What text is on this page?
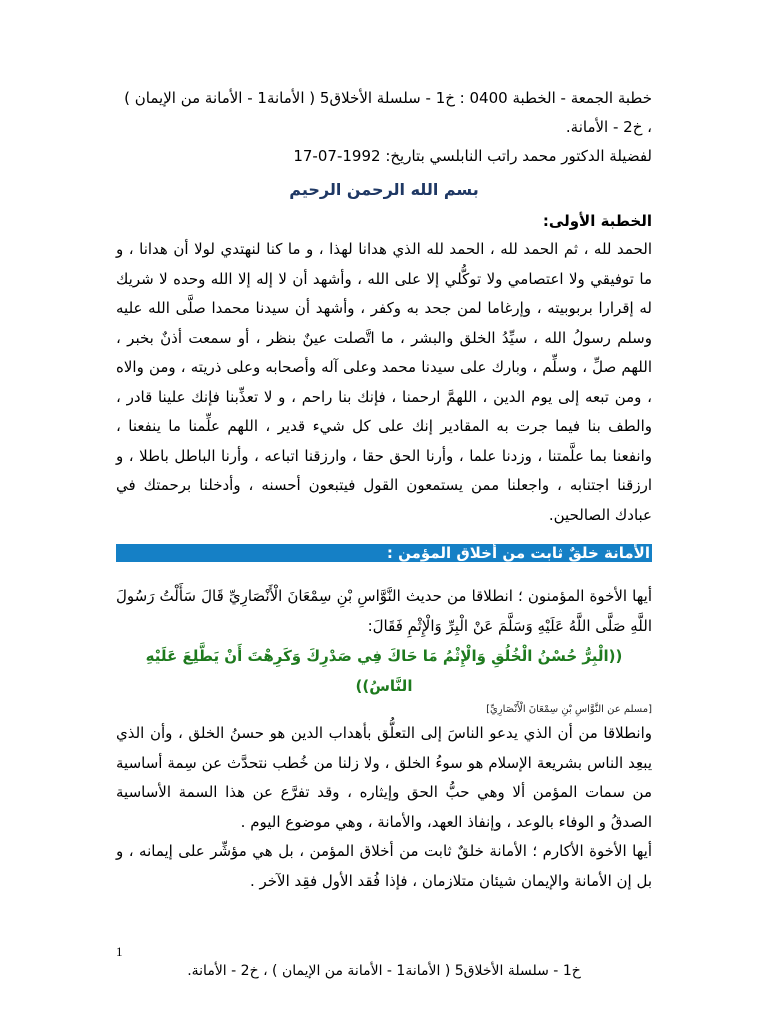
خطبة الجمعة - الخطبة 0400 : خ1 - سلسلة الأخلاق5 ( الأمانة1 - الأمانة من الإيمان ) ، خ2 - الأمانة.
لفضيلة الدكتور محمد راتب النابلسي بتاريخ: 1992-07-17
بسم الله الرحمن الرحيم
الخطبة الأولى:

الحمد لله ، ثم الحمد لله ، الحمد لله الذي هدانا لهذا ، و ما كنا لنهتدي لولا أن هدانا ، و ما توفيقي ولا اعتصامي ولا توكُّلي إلا على الله ، وأشهد أن لا إله إلا الله وحده لا شريك له إقرارا بربوبيته ، وإرغاما لمن جحد به وكفر ، وأشهد أن سيدنا محمدا صلَّى الله عليه وسلم رسولُ الله ، سيِّدُ الخلق والبشر ، ما اتَّصلت عينٌ بنظر ، أو سمعت أذنٌ بخبر ، اللهم صلِّ ، وسلِّم ، وبارك على سيدنا محمد وعلى آله وأصحابه وعلى ذريته ، ومن والاه ، ومن تبعه إلى يوم الدين ، اللهمَّ ارحمنا ، فإنك بنا راحم ، و لا تعذِّبنا فإنك علينا قادر ، والطف بنا فيما جرت به المقادير إنك على كل شيء قدير ، اللهم علِّمنا ما ينفعنا ، وانفعنا بما علَّمتنا ، وزدنا علما ، وأرنا الحق حقا ، وارزقنا اتباعه ، وأرنا الباطل باطلا ، و ارزقنا اجتنابه ، واجعلنا ممن يستمعون القول فيتبعون أحسنه ، وأدخلنا برحمتك في عبادك الصالحين.

الأمانة خلقٌ ثابت من أخلاق المؤمن :

أيها الأخوة المؤمنون ؛ انطلاقا من حديث النَّوَّاسِ بْنِ سِمْعَانَ الْأَنْصَارِيِّ قَالَ سَأَلْتُ رَسُولَ اللَّهِ صَلَّى اللَّهُ عَلَيْهِ وَسَلَّمَ عَنْ الْبِرِّ وَالْإِثْمِ فَقَالَ:

((الْبِرُّ حُسْنُ الْخُلُقِ وَالْإِثْمُ مَا حَاكَ فِي صَدْرِكَ وَكَرِهْتَ أَنْ يَطَّلِعَ عَلَيْهِ النَّاسُ))
[مسلم عن النَّوَّاسِ بْنِ سِمْعَانَ الْأَنْصَارِيِّ]

وانطلاقا من أن الذي يدعو الناسَ إلى التعلُّق بأهداب الدين هو حسنُ الخلق ، وأن الذي يبعِد الناس بشريعة الإسلام هو سوءُ الخلق ، ولا زلنا من خُطب نتحدَّث عن سِمة أساسية من سمات المؤمن ألا وهي حبُّ الحق وإيثاره ، وقد تفرَّع عن هذا السمة الأساسية الصدقُ و الوفاء بالوعد ، وإنفاذ العهد، والأمانة ، وهي موضوع اليوم .

أيها الأخوة الأكارم ؛ الأمانة خلقٌ ثابت من أخلاق المؤمن ، بل هي مؤشِّر على إيمانه ، و بل إن الأمانة والإيمان شيئان متلازمان ، فإذا فُقد الأول فقِد الآخر .

1
خ1 - سلسلة الأخلاق5 ( الأمانة1 - الأمانة من الإيمان ) ، خ2 - الأمانة.
